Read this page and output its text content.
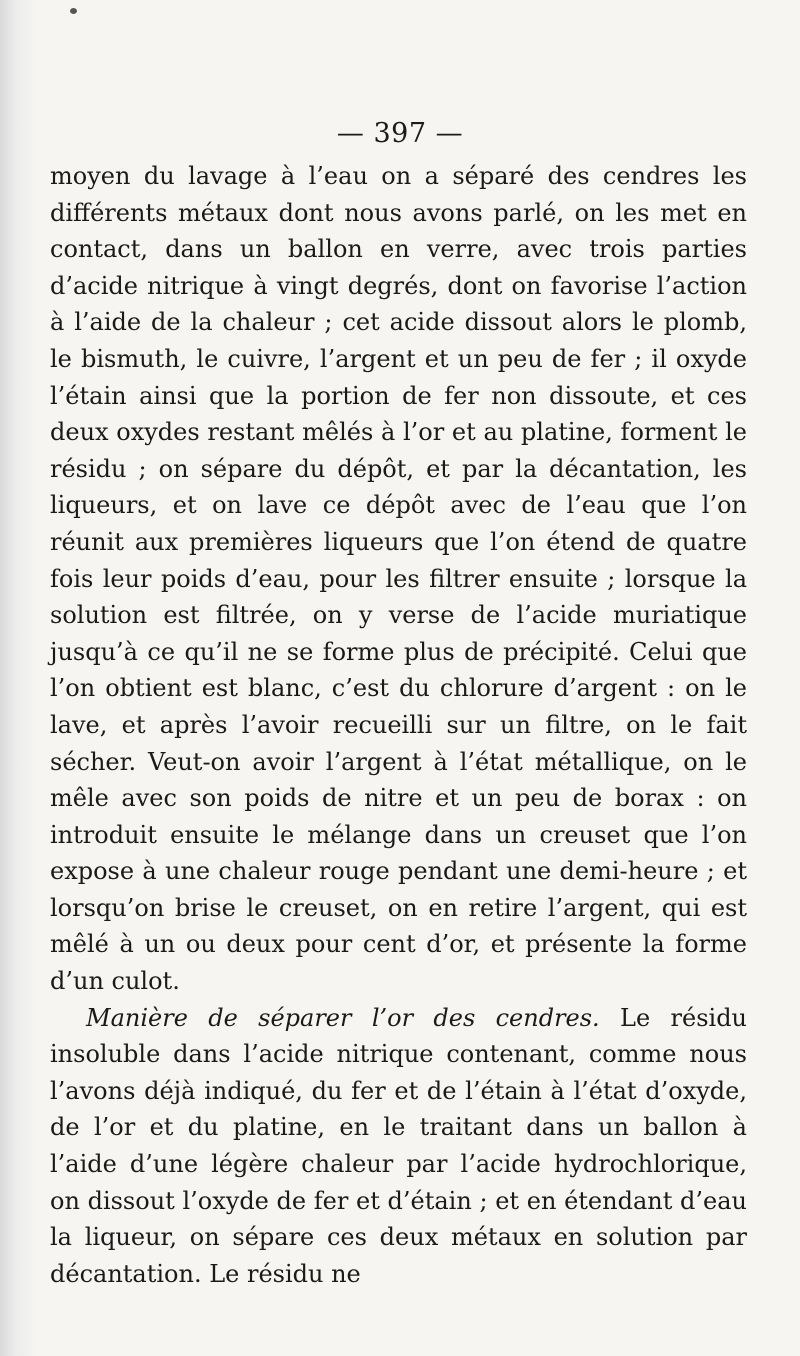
— 397 —

moyen du lavage à l’eau on a séparé des cendres les différents métaux dont nous avons parlé, on les met en contact, dans un ballon en verre, avec trois parties d’acide nitrique à vingt degrés, dont on favorise l’action à l’aide de la chaleur ; cet acide dissout alors le plomb, le bismuth, le cuivre, l’argent et un peu de fer ; il oxyde l’étain ainsi que la portion de fer non dissoute, et ces deux oxydes restant mêlés à l’or et au platine, forment le résidu ; on sépare du dépôt, et par la décantation, les liqueurs, et on lave ce dépôt avec de l’eau que l’on réunit aux premières liqueurs que l’on étend de quatre fois leur poids d’eau, pour les filtrer ensuite ; lorsque la solution est filtrée, on y verse de l’acide muriatique jusqu’à ce qu’il ne se forme plus de précipité. Celui que l’on obtient est blanc, c’est du chlorure d’argent : on le lave, et après l’avoir recueilli sur un filtre, on le fait sécher. Veut-on avoir l’argent à l’état métallique, on le mêle avec son poids de nitre et un peu de borax : on introduit ensuite le mélange dans un creuset que l’on expose à une chaleur rouge pendant une demi-heure ; et lorsqu’on brise le creuset, on en retire l’argent, qui est mêlé à un ou deux pour cent d’or, et présente la forme d’un culot.

Manière de séparer l’or des cendres. Le résidu insoluble dans l’acide nitrique contenant, comme nous l’avons déjà indiqué, du fer et de l’étain à l’état d’oxyde, de l’or et du platine, en le traitant dans un ballon à l’aide d’une légère chaleur par l’acide hydrochlorique, on dissout l’oxyde de fer et d’étain ; et en étendant d’eau la liqueur, on sépare ces deux métaux en solution par décantation. Le résidu ne
